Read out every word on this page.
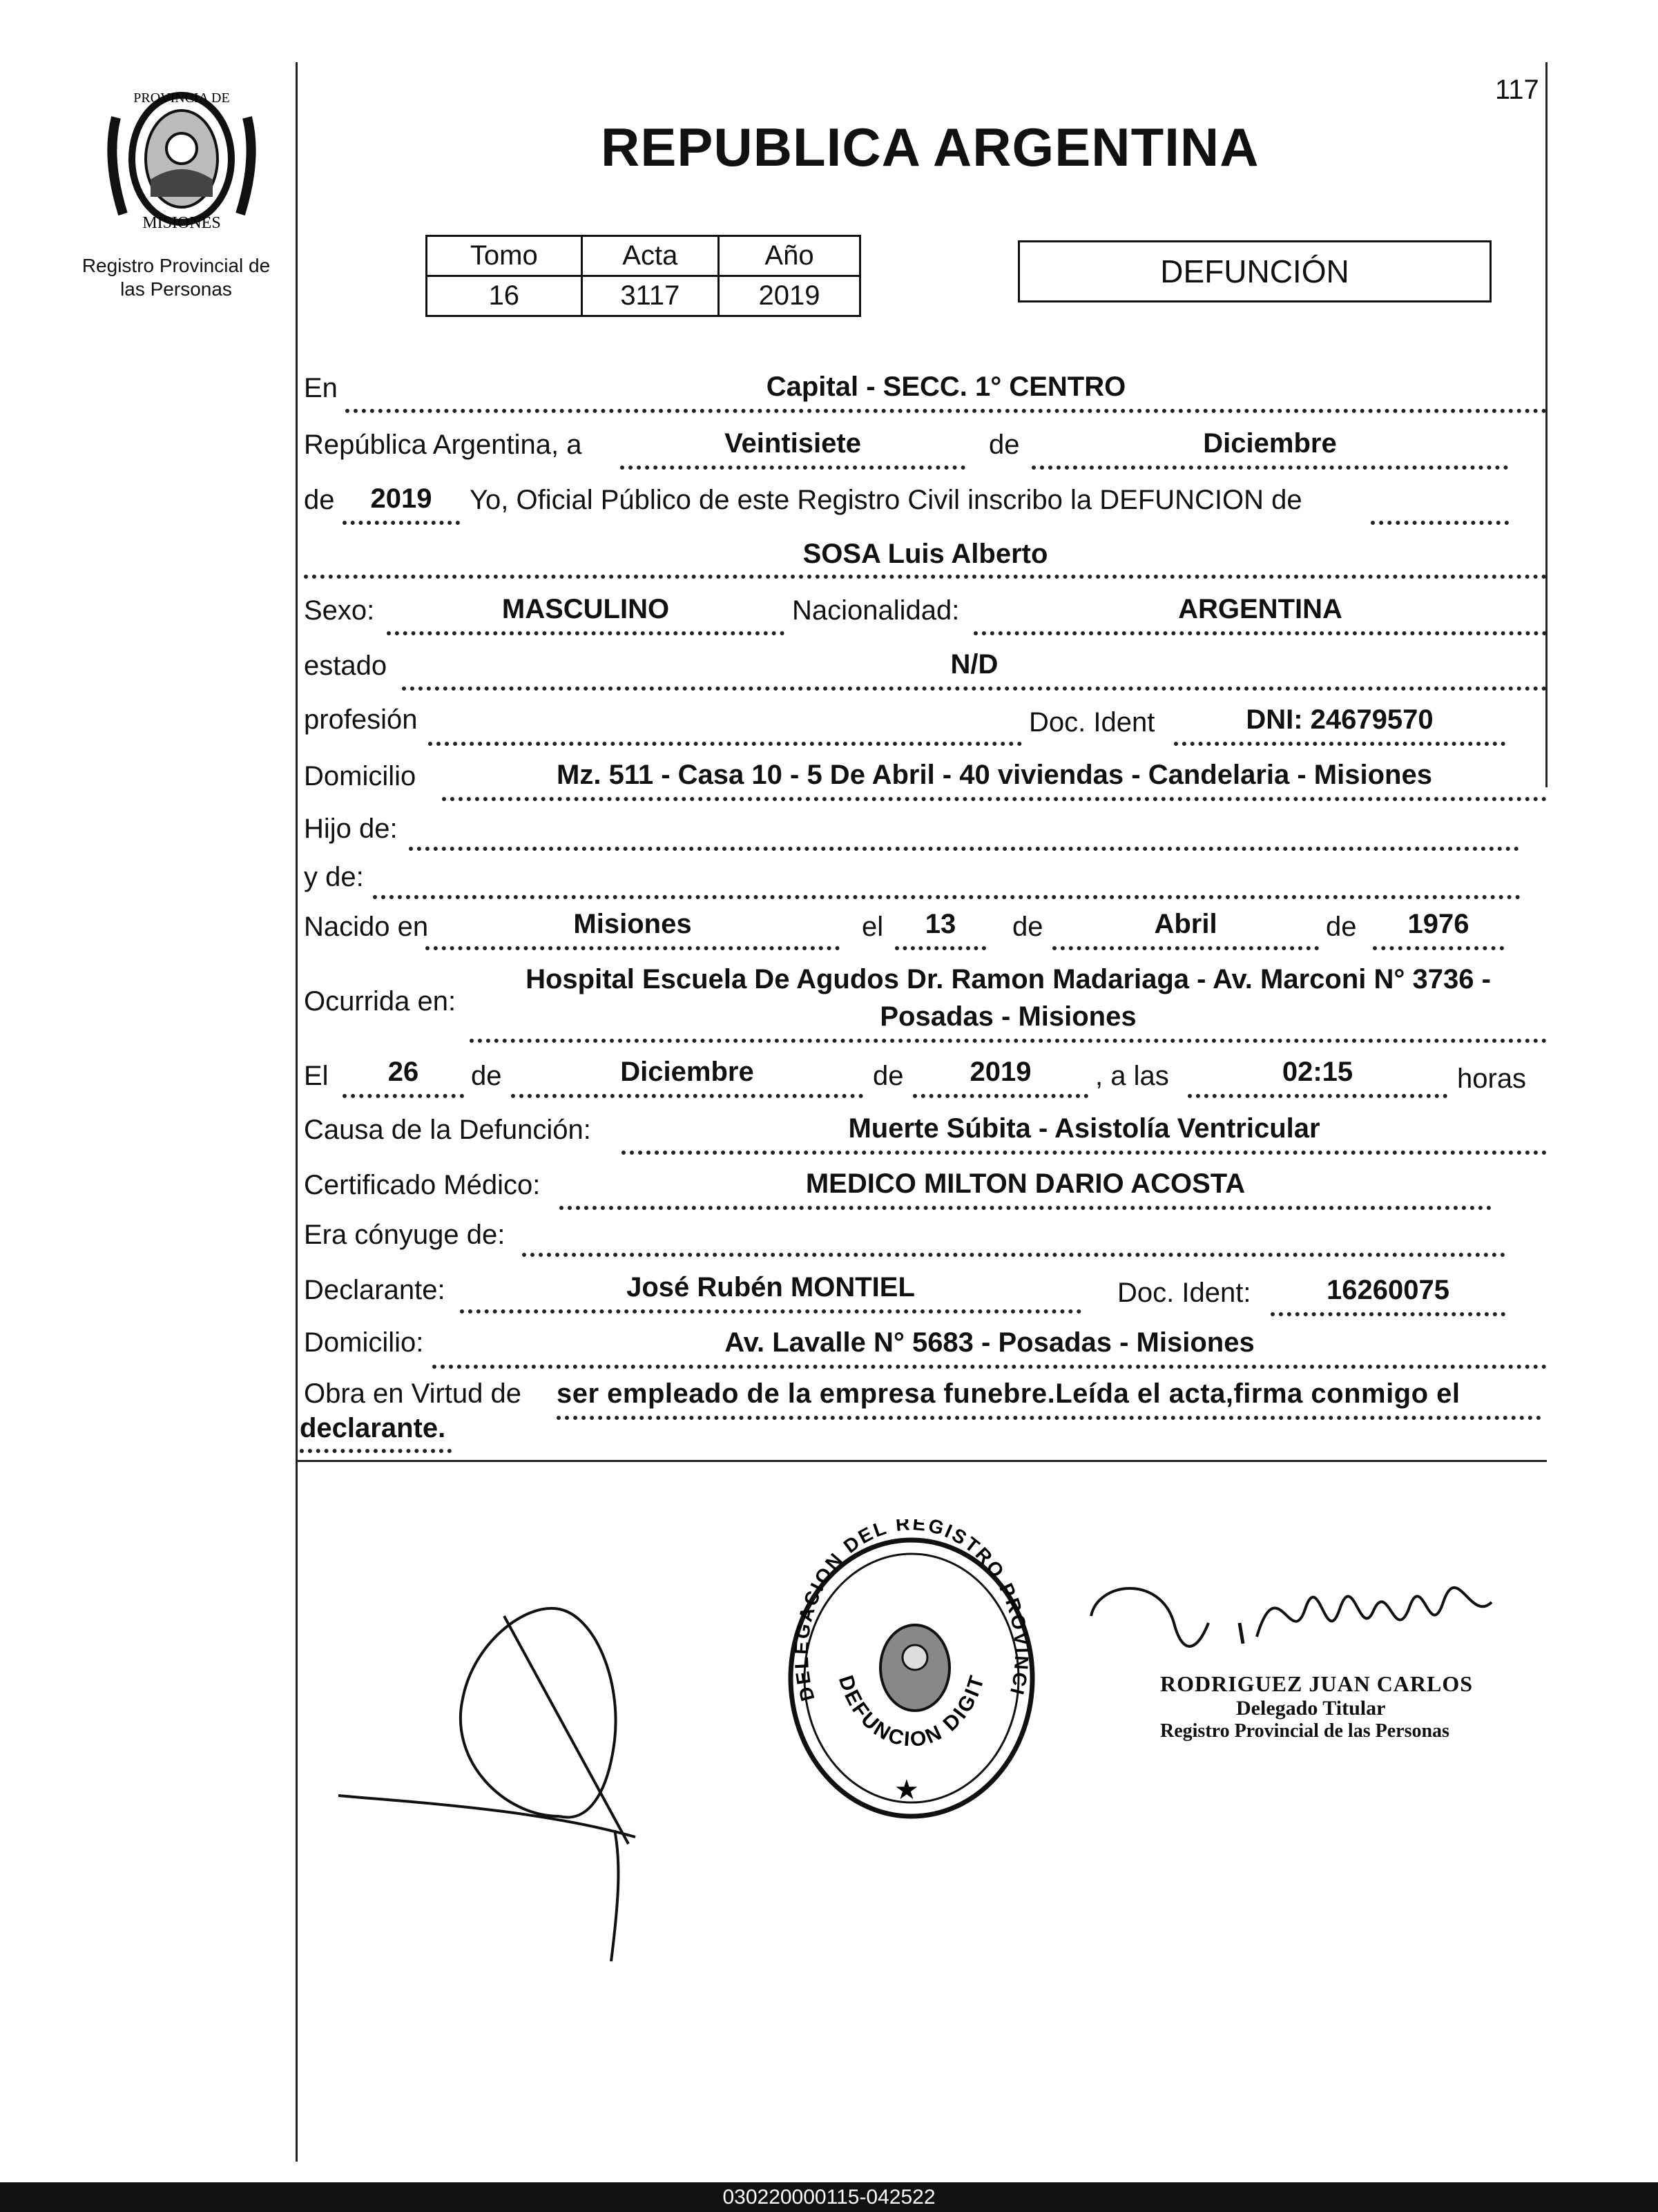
117
PROVINCIA DE
MISIONES
Registro Provincial de
las Personas
REPUBLICA ARGENTINA
Tomo	Acta	Año
16	3117	2019
DEFUNCIÓN
En	Capital - SECC. 1° CENTRO
República Argentina, a	Veintisiete	de	Diciembre
de	2019	Yo, Oficial Público de este Registro Civil inscribo la DEFUNCION de
SOSA Luis Alberto
Sexo:	MASCULINO	Nacionalidad:	ARGENTINA
estado	N/D
profesión	Doc. Ident	DNI: 24679570
Domicilio	Mz. 511 - Casa 10 - 5 De Abril - 40 viviendas - Candelaria - Misiones
Hijo de:
y de:
Nacido en	Misiones	el	13	de	Abril	de	1976
Ocurrida en:
Hospital Escuela De Agudos Dr. Ramon Madariaga - Av. Marconi N° 3736 -
Posadas - Misiones
El	26	de	Diciembre	de	2019	, a las	02:15	horas
Causa de la Defunción:	Muerte Súbita - Asistolía Ventricular
Certificado Médico:	MEDICO MILTON DARIO ACOSTA
Era cónyuge de:
Declarante:	José Rubén MONTIEL	Doc. Ident:	16260075
Domicilio:	Av. Lavalle N° 5683 - Posadas - Misiones
Obra en Virtud de ser empleado de la empresa funebre.Leída el acta,firma conmigo el
declarante.
DELEGACION DEL REGISTRO PROVINCI
DEFUNCION DIGIT
★
RODRIGUEZ JUAN CARLOS
Delegado Titular
Registro Provincial de las Personas
030220000115-042522
